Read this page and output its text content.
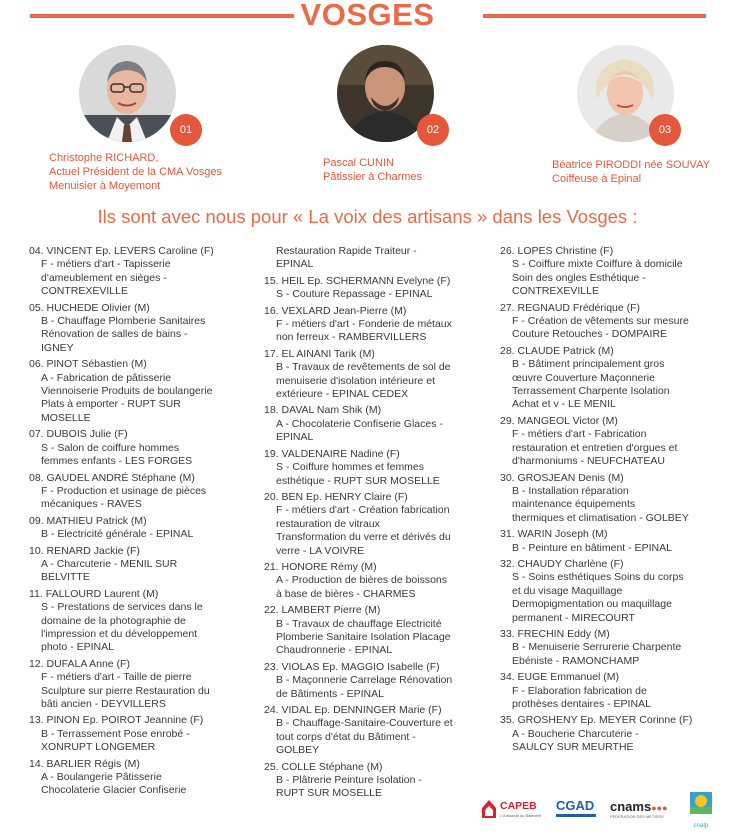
VOSGES
01
Christophe RICHARD,
Actuel Président de la CMA Vosges
Menuisier à Moyemont
02
Pascal CUNIN
Pâtissier à Charmes
03
Béatrice PIRODDI née SOUVAY
Coiffeuse à Epinal
Ils sont avec nous pour « La voix des artisans » dans les Vosges :
04. VINCENT Ep. LEVERS Caroline (F)
F - métiers d'art - Tapisserie
d'ameublement en sièges -
CONTREXEVILLE
05. HUCHEDE Olivier (M)
B - Chauffage Plomberie Sanitaires
Rénovation de salles de bains -
IGNEY
06. PINOT Sébastien (M)
A - Fabrication de pâtisserie
Viennoiserie Produits de boulangerie
Plats à emporter - RUPT SUR
MOSELLE
07. DUBOIS Julie (F)
S - Salon de coiffure hommes
femmes enfants - LES FORGES
08. GAUDEL ANDRÉ Stéphane (M)
F - Production et usinage de pièces
mécaniques - RAVES
09. MATHIEU Patrick (M)
B - Electricité générale - EPINAL
10. RENARD Jackie (F)
A - Charcuterie - MENIL SUR
BELVITTE
11. FALLOURD Laurent (M)
S - Prestations de services dans le
domaine de la photographie de
l'impression et du développement
photo - EPINAL
12. DUFALA Anne (F)
F - métiers d'art - Taille de pierre
Sculpture sur pierre Restauration du
bâti ancien - DEYVILLERS
13. PINON Ep. POIROT Jeannine (F)
B - Terrassement Pose enrobé -
XONRUPT LONGEMER
14. BARLIER Régis (M)
A - Boulangerie Pâtisserie
Chocolaterie Glacier Confiserie
Restauration Rapide Traiteur -
EPINAL
15. HEIL Ep. SCHERMANN Evelyne (F)
S - Couture Repassage - EPINAL
16. VEXLARD Jean-Pierre (M)
F - métiers d'art - Fonderie de métaux
non ferreux - RAMBERVILLERS
17. EL AINANI Tarik (M)
B - Travaux de revêtements de sol de
menuiserie d'isolation intérieure et
extérieure - EPINAL CEDEX
18. DAVAL Nam Shik (M)
A - Chocolaterie Confiserie Glaces -
EPINAL
19. VALDENAIRE Nadine (F)
S - Coiffure hommes et femmes
esthétique - RUPT SUR MOSELLE
20. BEN Ep. HENRY Claire (F)
F - métiers d'art - Création fabrication
restauration de vitraux
Transformation du verre et dérivés du
verre - LA VOIVRE
21. HONORE Rémy (M)
A - Production de bières de boissons
à base de bières - CHARMES
22. LAMBERT Pierre (M)
B - Travaux de chauffage Electricité
Plomberie Sanitaire Isolation Placage
Chaudronnerie - EPINAL
23. VIOLAS Ep. MAGGIO Isabelle (F)
B - Maçonnerie Carrelage Rénovation
de Bâtiments - EPINAL
24. VIDAL Ep. DENNINGER Marie (F)
B - Chauffage-Sanitaire-Couverture et
tout corps d'état du Bâtiment -
GOLBEY
25. COLLE Stéphane (M)
B - Plâtrerie Peinture Isolation -
RUPT SUR MOSELLE
26. LOPES Christine (F)
S - Coiffure mixte Coiffure à domicile
Soin des ongles Esthétique -
CONTREXEVILLE
27. REGNAUD Frédérique (F)
F - Création de vêtements sur mesure
Couture Retouches - DOMPAIRE
28. CLAUDE Patrick (M)
B - Bâtiment principalement gros
œuvre Couverture Maçonnerie
Terrassement Charpente Isolation
Achat et v - LE MENIL
29. MANGEOL Victor (M)
F - métiers d'art - Fabrication
restauration et entretien d'orgues et
d'harmoniums - NEUFCHATEAU
30. GROSJEAN Denis (M)
B - Installation réparation
maintenance équipements
thermiques et climatisation - GOLBEY
31. WARIN Joseph (M)
B - Peinture en bâtiment - EPINAL
32. CHAUDY Charlène (F)
S - Soins esthétiques Soins du corps
et du visage Maquillage
Dermopigmentation ou maquillage
permanent - MIRECOURT
33. FRECHIN Eddy (M)
B - Menuiserie Serrurerie Charpente
Ebéniste - RAMONCHAMP
34. EUGE Emmanuel (M)
F - Elaboration fabrication de
prothèses dentaires - EPINAL
35. GROSHENY Ep. MEYER Corinne (F)
A - Boucherie Charcuterie -
SAULCY SUR MEURTHE
CAPEB
L'Artisanat du Bâtiment
CGAD	cnams●●●
FÉDÉRATION DES MÉTIERS
cnatp
